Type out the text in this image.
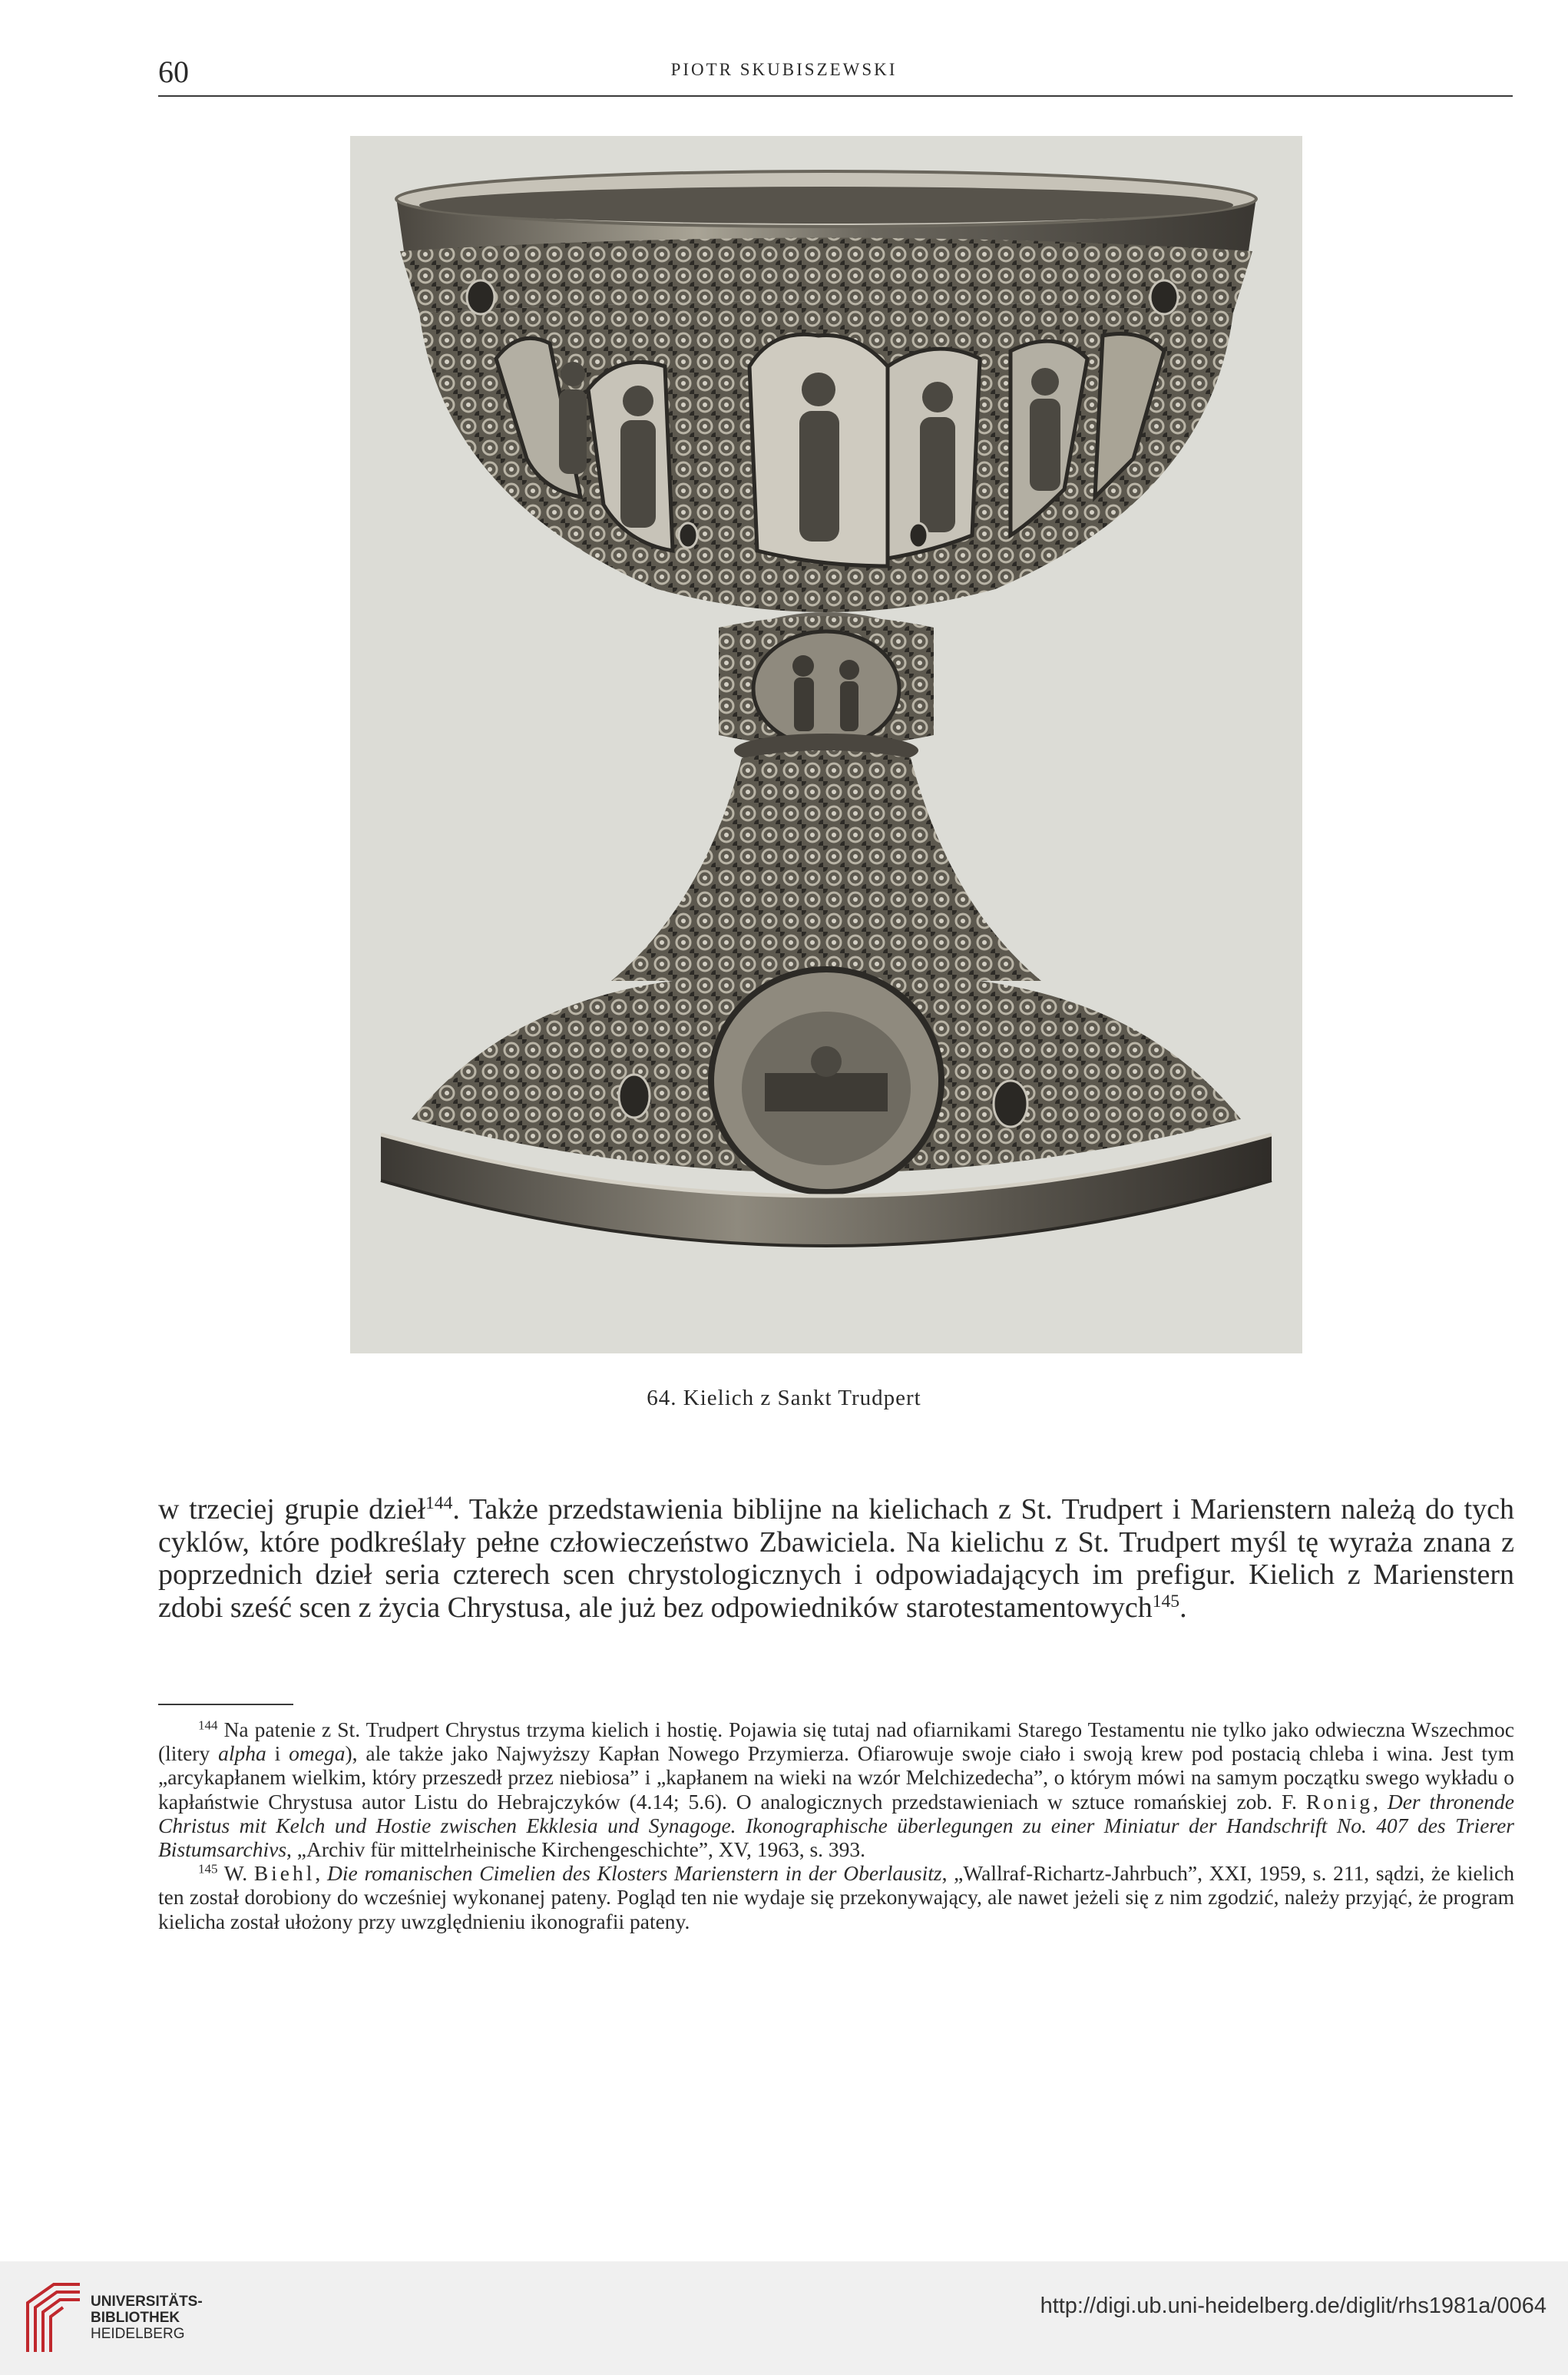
60	PIOTR SKUBISZEWSKI
64. Kielich z Sankt Trudpert

w trzeciej grupie dzieł$^{144}$. Także przedstawienia biblijne na kielichach z St. Trudpert i Marienstern należą do tych cyklów, które podkreślały pełne człowieczeństwo Zbawiciela. Na kielichu z St. Trudpert myśl tę wyraża znana z poprzednich dzieł seria czterech scen chrystologicznych i odpowiadających im prefigur. Kielich z Marienstern zdobi sześć scen z życia Chrystusa, ale już bez odpowiedników starotestamentowych$^{145}$.

$^{144}$ Na patenie z St. Trudpert Chrystus trzyma kielich i hostię. Pojawia się tutaj nad ofiarnikami Starego Testamentu nie tylko jako odwieczna Wszechmoc (litery alpha i omega), ale także jako Najwyższy Kapłan Nowego Przymierza. Ofiarowuje swoje ciało i swoją krew pod postacią chleba i wina. Jest tym „arcykapłanem wielkim, który przeszedł przez niebiosa” i „kapłanem na wieki na wzór Melchizedecha”, o którym mówi na samym początku swego wykładu o kapłaństwie Chrystusa autor Listu do Hebrajczyków (4.14; 5.6). O analogicznych przedstawieniach w sztuce romańskiej zob. F. Ronig, Der thronende Christus mit Kelch und Hostie zwischen Ekklesia und Synagoge. Ikonographische überlegungen zu einer Miniatur der Handschrift No. 407 des Trierer Bistumsarchivs, „Archiv für mittelrheinische Kirchengeschichte”, XV, 1963, s. 393.

$^{145}$ W. Biehl, Die romanischen Cimelien des Klosters Marienstern in der Oberlausitz, „Wallraf-Richartz-Jahrbuch”, XXI, 1959, s. 211, sądzi, że kielich ten został dorobiony do wcześniej wykonanej pateny. Pogląd ten nie wydaje się przekonywający, ale nawet jeżeli się z nim zgodzić, należy przyjąć, że program kielicha został ułożony przy uwzględnieniu ikonografii pateny.

UNIVERSITÄTS-
BIBLIOTHEK
HEIDELBERG
http://digi.ub.uni-heidelberg.de/diglit/rhs1981a/0064
